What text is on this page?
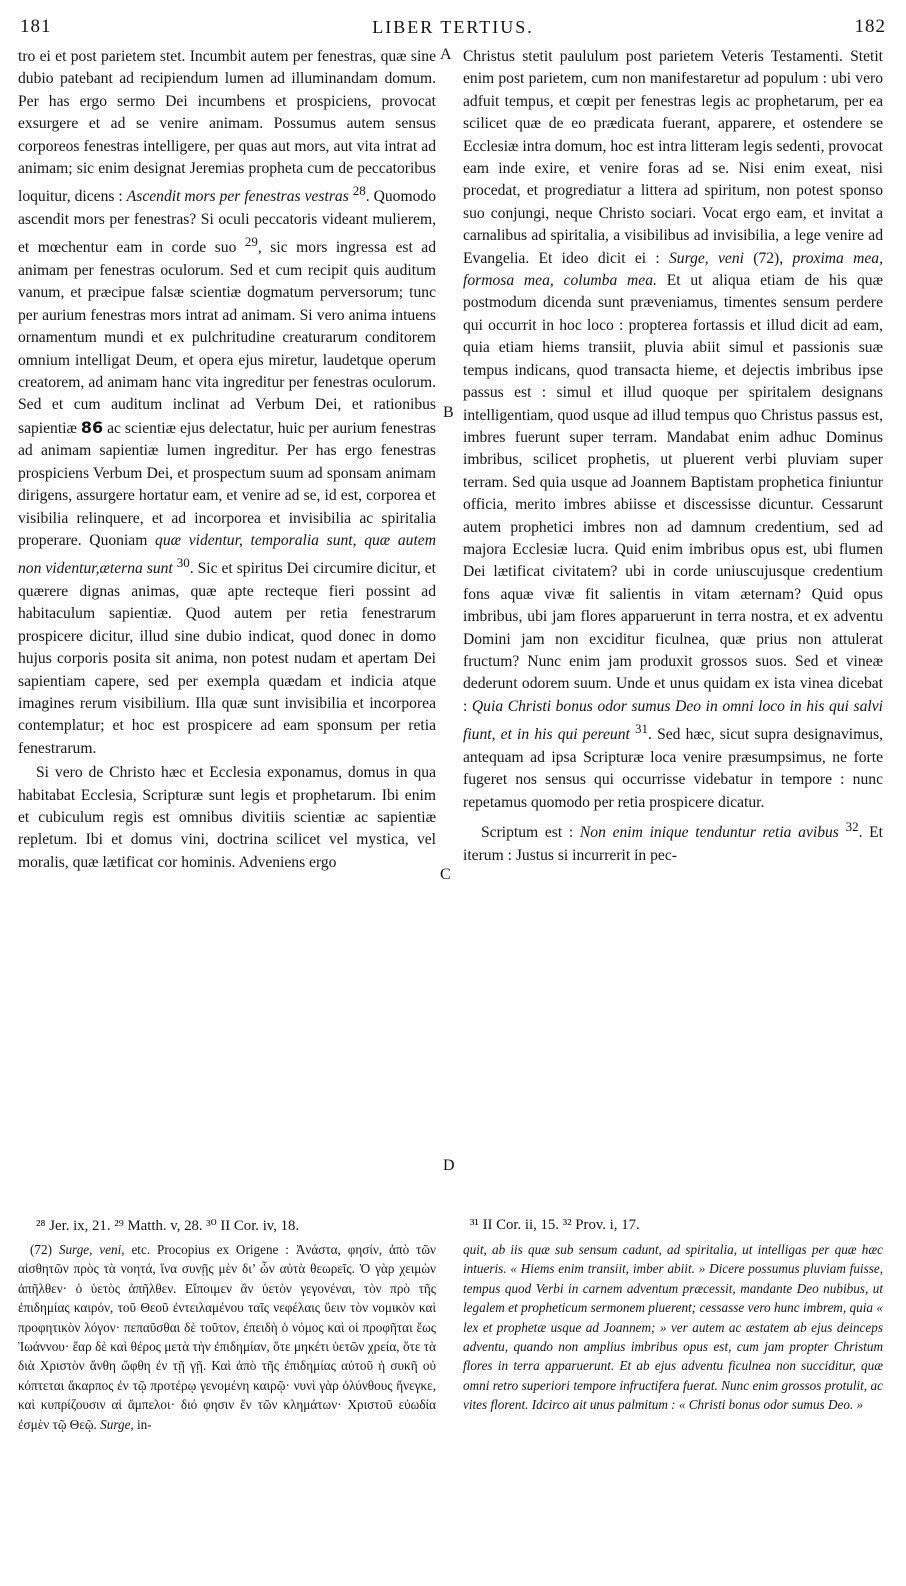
181	LIBER TERTIUS.	182
A
B
C
D

tro ei et post parietem stet. Incumbit autem per fenestras, quæ sine dubio patebant ad recipiendum lumen ad illuminandam domum. Per has ergo sermo Dei incumbens et prospiciens, provocat exsurgere et ad se venire animam. Possumus autem sensus corporeos fenestras intelligere, per quas aut mors, aut vita intrat ad animam; sic enim designat Jeremias propheta cum de peccatoribus loquitur, dicens : Ascendit mors per fenestras vestras $^{28}$. Quomodo ascendit mors per fenestras? Si oculi peccatoris videant mulierem, et mœchentur eam in corde suo $^{29}$, sic mors ingressa est ad animam per fenestras oculorum. Sed et cum recipit quis auditum vanum, et præcipue falsæ scientiæ dogmatum perversorum; tunc per aurium fenestras mors intrat ad animam. Si vero anima intuens ornamentum mundi et ex pulchritudine creaturarum conditorem omnium intelligat Deum, et opera ejus miretur, laudetque operum creatorem, ad animam hanc vita ingreditur per fenestras oculorum. Sed et cum auditum inclinat ad Verbum Dei, et rationibus sapientiæ 86 ac scientiæ ejus delectatur, huic per aurium fenestras ad animam sapientiæ lumen ingreditur. Per has ergo fenestras prospiciens Verbum Dei, et prospectum suum ad sponsam animam dirigens, assurgere hortatur eam, et venire ad se, id est, corporea et visibilia relinquere, et ad incorporea et invisibilia ac spiritalia properare. Quoniam quæ videntur, temporalia sunt, quæ autem non videntur,æterna sunt $^{30}$. Sic et spiritus Dei circumire dicitur, et quærere dignas animas, quæ apte recteque fieri possint ad habitaculum sapientiæ. Quod autem per retia fenestrarum prospicere dicitur, illud sine dubio indicat, quod donec in domo hujus corporis posita sit anima, non potest nudam et apertam Dei sapientiam capere, sed per exempla quædam et indicia atque imagines rerum visibilium. Illa quæ sunt invisibilia et incorporea contemplatur; et hoc est prospicere ad eam sponsum per retia fenestrarum.

Si vero de Christo hæc et Ecclesia exponamus, domus in qua habitabat Ecclesia, Scripturæ sunt legis et prophetarum. Ibi enim et cubiculum regis est omnibus divitiis scientiæ ac sapientiæ repletum. Ibi et domus vini, doctrina scilicet vel mystica, vel moralis, quæ lætificat cor hominis. Adveniens ergo

Christus stetit paululum post parietem Veteris Testamenti. Stetit enim post parietem, cum non manifestaretur ad populum : ubi vero adfuit tempus, et cœpit per fenestras legis ac prophetarum, per ea scilicet quæ de eo prædicata fuerant, apparere, et ostendere se Ecclesiæ intra domum, hoc est intra litteram legis sedenti, provocat eam inde exire, et venire foras ad se. Nisi enim exeat, nisi procedat, et progrediatur a littera ad spiritum, non potest sponso suo conjungi, neque Christo sociari. Vocat ergo eam, et invitat a carnalibus ad spiritalia, a visibilibus ad invisibilia, a lege venire ad Evangelia. Et ideo dicit ei : Surge, veni (72), proxima mea, formosa mea, columba mea. Et ut aliqua etiam de his quæ postmodum dicenda sunt præveniamus, timentes sensum perdere qui occurrit in hoc loco : propterea fortassis et illud dicit ad eam, quia etiam hiems transiit, pluvia abiit simul et passionis suæ tempus indicans, quod transacta hieme, et dejectis imbribus ipse passus est : simul et illud quoque per spiritalem designans intelligentiam, quod usque ad illud tempus quo Christus passus est, imbres fuerunt super terram. Mandabat enim adhuc Dominus imbribus, scilicet prophetis, ut pluerent verbi pluviam super terram. Sed quia usque ad Joannem Baptistam prophetica finiuntur officia, merito imbres abiisse et discessisse dicuntur. Cessarunt autem prophetici imbres non ad damnum credentium, sed ad majora Ecclesiæ lucra. Quid enim imbribus opus est, ubi flumen Dei lætificat civitatem? ubi in corde uniuscujusque credentium fons aquæ vivæ fit salientis in vitam æternam? Quid opus imbribus, ubi jam flores apparuerunt in terra nostra, et ex adventu Domini jam non exciditur ficulnea, quæ prius non attulerat fructum? Nunc enim jam produxit grossos suos. Sed et vineæ dederunt odorem suum. Unde et unus quidam ex ista vinea dicebat : Quia Christi bonus odor sumus Deo in omni loco in his qui salvi fiunt, et in his qui pereunt $^{31}$. Sed hæc, sicut supra designavimus, antequam ad ipsa Scripturæ loca venire præsumpsimus, ne forte fugeret nos sensus qui occurrisse videbatur in tempore : nunc repetamus quomodo per retia prospicere dicatur.

Scriptum est : Non enim inique tenduntur retia avibus $^{32}$. Et iterum : Justus si incurrerit in pec-

²⁸ Jer. ix, 21. ²⁹ Matth. v, 28. ³⁰ II Cor. iv, 18.	³¹ II Cor. ii, 15. ³² Prov. i, 17.

(72) Surge, veni, etc. Procopius ex Origene : Ἀνάστα, φησίν, ἀπὸ τῶν αἰσθητῶν πρὸς τὰ νοητά, ἵνα συνῇς μὲν δι’ ὧν αὐτὰ θεωρεῖς. Ὁ γὰρ χειμὼν ἀπῆλθεν· ὁ ὑετὸς ἀπῆλθεν. Εἴποιμεν ἂν ὑετὸν γεγονέναι, τὸν πρὸ τῆς ἐπιδημίας καιρόν, τοῦ Θεοῦ ἐντειλαμένου ταῖς νεφέλαις ὕειν τὸν νομικὸν καὶ προφητικὸν λόγον· πεπαῦσθαι δὲ τοῦτον, ἐπειδὴ ὁ νόμος καὶ οἱ προφῆται ἕως Ἰωάννου· ἔαρ δὲ καὶ θέρος μετὰ τὴν ἐπιδημίαν, ὅτε μηκέτι ὑετῶν χρεία, ὅτε τὰ διὰ Χριστὸν ἄνθη ὤφθη ἐν τῇ γῇ. Καὶ ἀπὸ τῆς ἐπιδημίας αὐτοῦ ἡ συκῆ οὐ κόπτεται ἄκαρπος ἐν τῷ προτέρῳ γενομένη καιρῷ· νυνὶ γὰρ ὀλύνθους ἤνεγκε, καὶ κυπρίζουσιν αἱ ἄμπελοι· διό φησιν ἕν τῶν κλημάτων· Χριστοῦ εὐωδία ἐσμὲν τῷ Θεῷ. Surge, in-

quit, ab iis quæ sub sensum cadunt, ad spiritalia, ut intelligas per quæ hæc intueris. « Hiems enim transiit, imber abiit. » Dicere possumus pluviam fuisse, tempus quod Verbi in carnem adventum præcessit, mandante Deo nubibus, ut legalem et propheticum sermonem pluerent; cessasse vero hunc imbrem, quia « lex et prophetæ usque ad Joannem; » ver autem ac æstatem ab ejus deinceps adventu, quando non amplius imbribus opus est, cum jam propter Christum flores in terra apparuerunt. Et ab ejus adventu ficulnea non succiditur, quæ omni retro superiori tempore infructifera fuerat. Nunc enim grossos protulit, ac vites florent. Idcirco ait unus palmitum : « Christi bonus odor sumus Deo. »
